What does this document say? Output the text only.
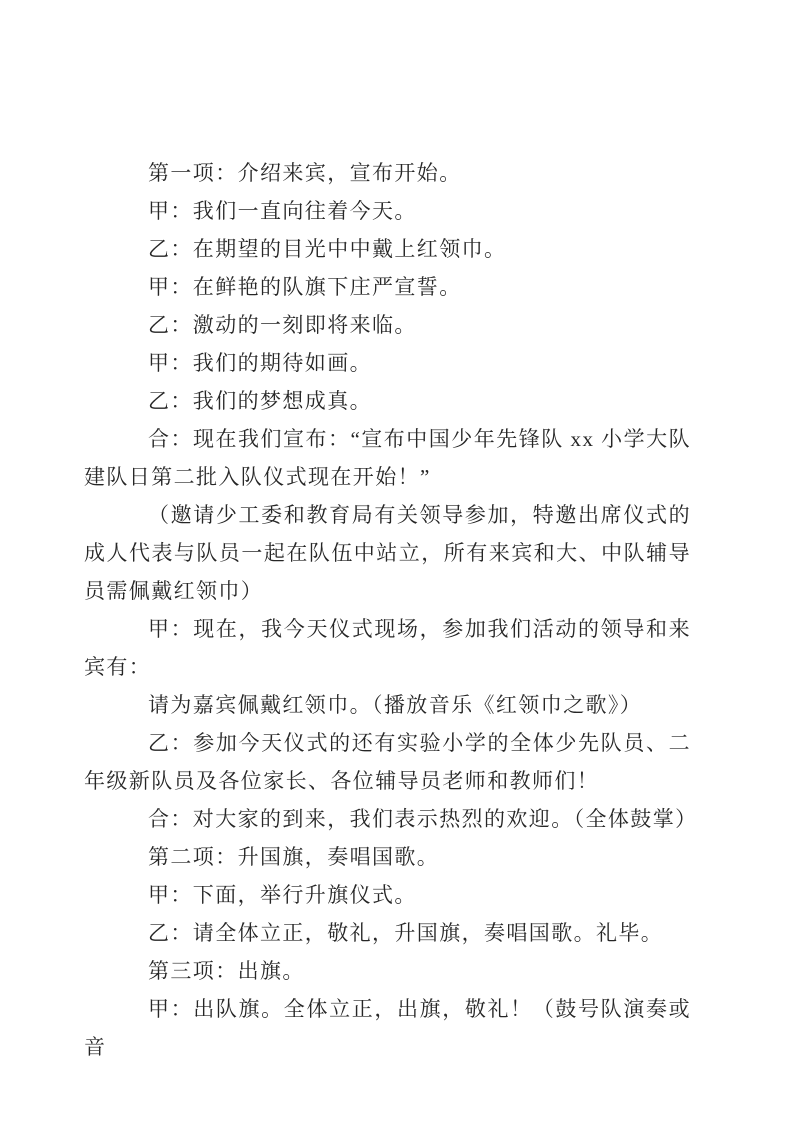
第一项：介绍来宾，宣布开始。

甲：我们一直向往着今天。

乙：在期望的目光中中戴上红领巾。

甲：在鲜艳的队旗下庄严宣誓。

乙：激动的一刻即将来临。

甲：我们的期待如画。

乙：我们的梦想成真。

合：现在我们宣布：“宣布中国少年先锋队 xx 小学大队建队日第二批入队仪式现在开始！”

（邀请少工委和教育局有关领导参加，特邀出席仪式的成人代表与队员一起在队伍中站立，所有来宾和大、中队辅导员需佩戴红领巾）

甲：现在，我今天仪式现场，参加我们活动的领导和来宾有：

请为嘉宾佩戴红领巾。（播放音乐《红领巾之歌》）

乙：参加今天仪式的还有实验小学的全体少先队员、二年级新队员及各位家长、各位辅导员老师和教师们！

合：对大家的到来，我们表示热烈的欢迎。（全体鼓掌）

第二项：升国旗，奏唱国歌。

甲：下面，举行升旗仪式。

乙：请全体立正，敬礼，升国旗，奏唱国歌。礼毕。

第三项：出旗。

甲：出队旗。全体立正，出旗，敬礼！（鼓号队演奏或音
